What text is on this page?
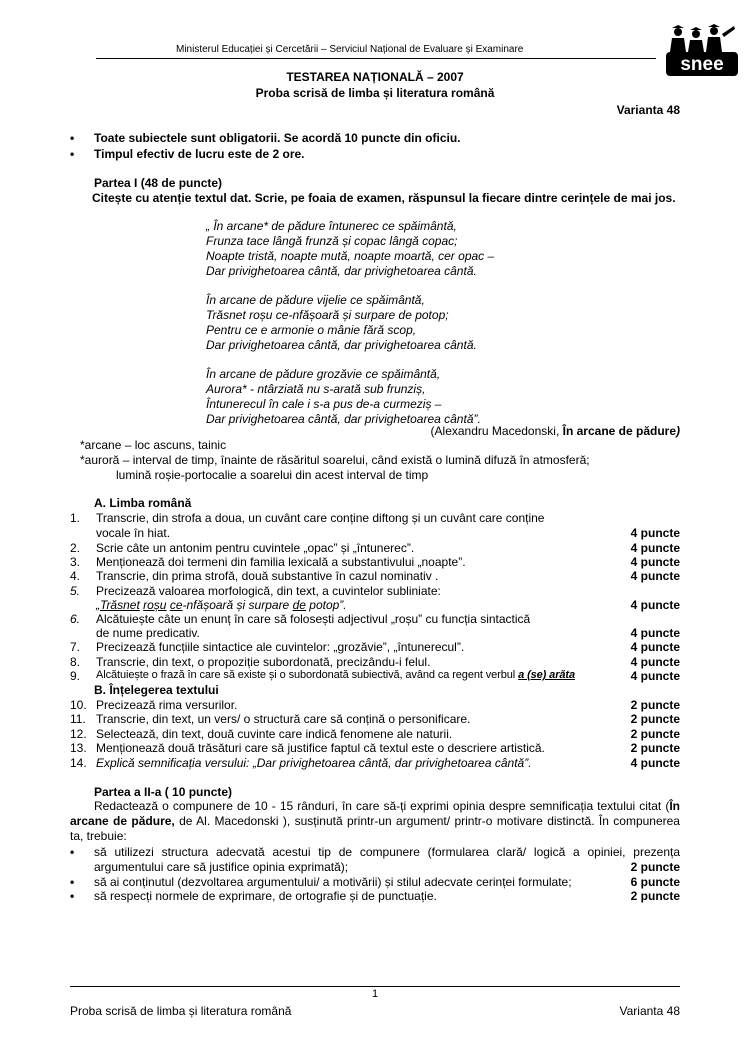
Ministerul Educației și Cercetării – Serviciul Național de Evaluare și Examinare
snee
TESTAREA NAȚIONALĂ – 2007
Proba scrisă de limba și literatura română
Varianta 48
• Toate subiectele sunt obligatorii. Se acordă 10 puncte din oficiu.
• Timpul efectiv de lucru este de 2 ore.
Partea I (48 de puncte)
Citește cu atenție textul dat. Scrie, pe foaia de examen, răspunsul la fiecare dintre cerințele de mai jos.
„ În arcane* de pădure întunerec ce spăimântă,
Frunza tace lângă frunză și copac lângă copac;
Noapte tristă, noapte mută, noapte moartă, cer opac –
Dar privighetoarea cântă, dar privighetoarea cântă.
În arcane de pădure vijelie ce spăimântă,
Trăsnet roșu ce-nfășoară și surpare de potop;
Pentru ce e armonie o mânie fără scop,
Dar privighetoarea cântă, dar privighetoarea cântă.
În arcane de pădure grozăvie ce spăimântă,
Aurora* - ntârziată nu s-arată sub frunziș,
Întunerecul în cale i s-a pus de-a curmeziș –
Dar privighetoarea cântă, dar privighetoarea cântă”.
(Alexandru Macedonski, În arcane de pădure)
*arcane – loc ascuns, tainic
*auroră – interval de timp, înainte de răsăritul soarelui, când există o lumină difuză în atmosferă;
lumină roșie-portocalie a soarelui din acest interval de timp
A. Limba română
1. Transcrie, din strofa a doua, un cuvânt care conține diftong și un cuvânt care conține
vocale în hiat.	4 puncte
2. Scrie câte un antonim pentru cuvintele „opac” și „întunerec”.	4 puncte
3. Menționează doi termeni din familia lexicală a substantivului „noapte”.	4 puncte
4. Transcrie, din prima strofă, două substantive în cazul nominativ .	4 puncte
5. Precizează valoarea morfologică, din text, a cuvintelor subliniate:
„Trăsnet roșu ce-nfășoară și surpare de potop”.	4 puncte
6. Alcătuiește câte un enunț în care să folosești adjectivul „roșu” cu funcția sintactică
de nume predicativ.	4 puncte
7. Precizează funcțiile sintactice ale cuvintelor: „grozăvie”, „întunerecul”.	4 puncte
8. Transcrie, din text, o propoziție subordonată, precizându-i felul.	4 puncte
9. Alcătuiește o frază în care să existe și o subordonată subiectivă, având ca regent verbul a (se) arăta	4 puncte
B. Înțelegerea textului
10. Precizează rima versurilor.	2 puncte
11. Transcrie, din text, un vers/ o structură care să conțină o personificare.	2 puncte
12. Selectează, din text, două cuvinte care indică fenomene ale naturii.	2 puncte
13. Menționează două trăsături care să justifice faptul că textul este o descriere artistică.	2 puncte
14. Explică semnificația versului: „Dar privighetoarea cântă, dar privighetoarea cântă”.	4 puncte
Partea a II-a ( 10 puncte)

Redactează o compunere de 10 - 15 rânduri, în care să-ți exprimi opinia despre semnificația textului citat (În arcane de pădure, de Al. Macedonski ), susținută printr-un argument/ printr-o motivare distinctă. În compunerea ta, trebuie:

• să utilizezi structura adecvată acestui tip de compunere (formularea clară/ logică a opiniei, prezența argumentului care să justifice opinia exprimată);	2 puncte
• să ai conținutul (dezvoltarea argumentului/ a motivării) și stilul adecvate cerinței formulate;	6 puncte
• să respecți normele de exprimare, de ortografie și de punctuație.	2 puncte
1
Proba scrisă de limba și literatura română	Varianta 48
